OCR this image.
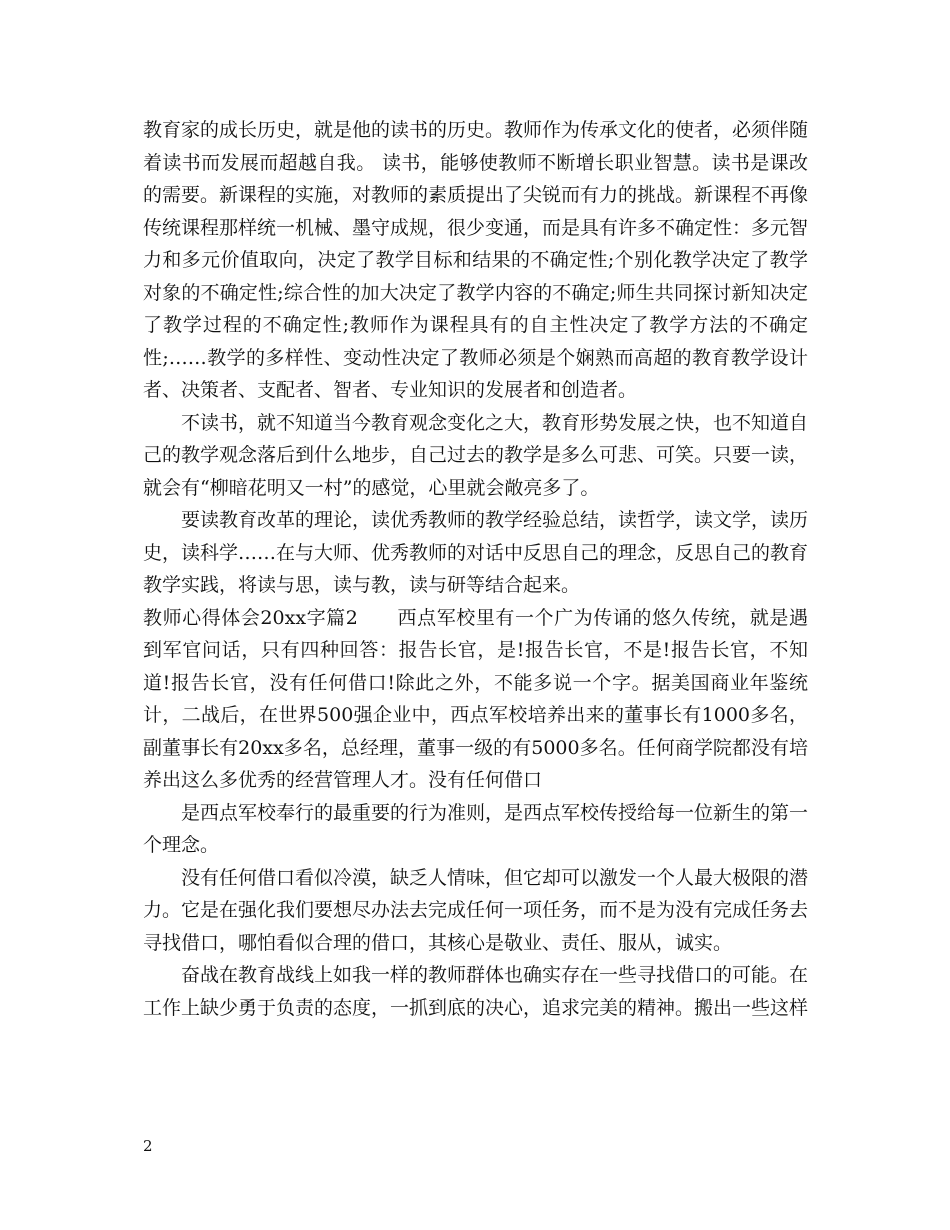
教育家的成长历史，就是他的读书的历史。教师作为传承文化的使者，必须伴随着读书而发展而超越自我。 读书，能够使教师不断增长职业智慧。读书是课改的需要。新课程的实施，对教师的素质提出了尖锐而有力的挑战。新课程不再像传统课程那样统一机械、墨守成规，很少变通，而是具有许多不确定性：多元智力和多元价值取向，决定了教学目标和结果的不确定性;个别化教学决定了教学对象的不确定性;综合性的加大决定了教学内容的不确定;师生共同探讨新知决定了教学过程的不确定性;教师作为课程具有的自主性决定了教学方法的不确定性;……教学的多样性、变动性决定了教师必须是个娴熟而高超的教育教学设计者、决策者、支配者、智者、专业知识的发展者和创造者。

不读书，就不知道当今教育观念变化之大，教育形势发展之快，也不知道自己的教学观念落后到什么地步，自己过去的教学是多么可悲、可笑。只要一读，就会有“柳暗花明又一村”的感觉，心里就会敞亮多了。

要读教育改革的理论，读优秀教师的教学经验总结，读哲学，读文学，读历史，读科学……在与大师、优秀教师的对话中反思自己的理念，反思自己的教育教学实践，将读与思，读与教，读与研等结合起来。

教师心得体会20xx字篇2　　西点军校里有一个广为传诵的悠久传统，就是遇到军官问话，只有四种回答：报告长官，是!报告长官，不是!报告长官，不知道!报告长官，没有任何借口!除此之外，不能多说一个字。据美国商业年鉴统计，二战后，在世界500强企业中，西点军校培养出来的董事长有1000多名，副董事长有20xx多名，总经理，董事一级的有5000多名。任何商学院都没有培养出这么多优秀的经营管理人才。没有任何借口

是西点军校奉行的最重要的行为准则，是西点军校传授给每一位新生的第一个理念。

没有任何借口看似冷漠，缺乏人情味，但它却可以激发一个人最大极限的潜力。它是在强化我们要想尽办法去完成任何一项任务，而不是为没有完成任务去寻找借口，哪怕看似合理的借口，其核心是敬业、责任、服从，诚实。

奋战在教育战线上如我一样的教师群体也确实存在一些寻找借口的可能。在工作上缺少勇于负责的态度，一抓到底的决心，追求完美的精神。搬出一些这样

2
